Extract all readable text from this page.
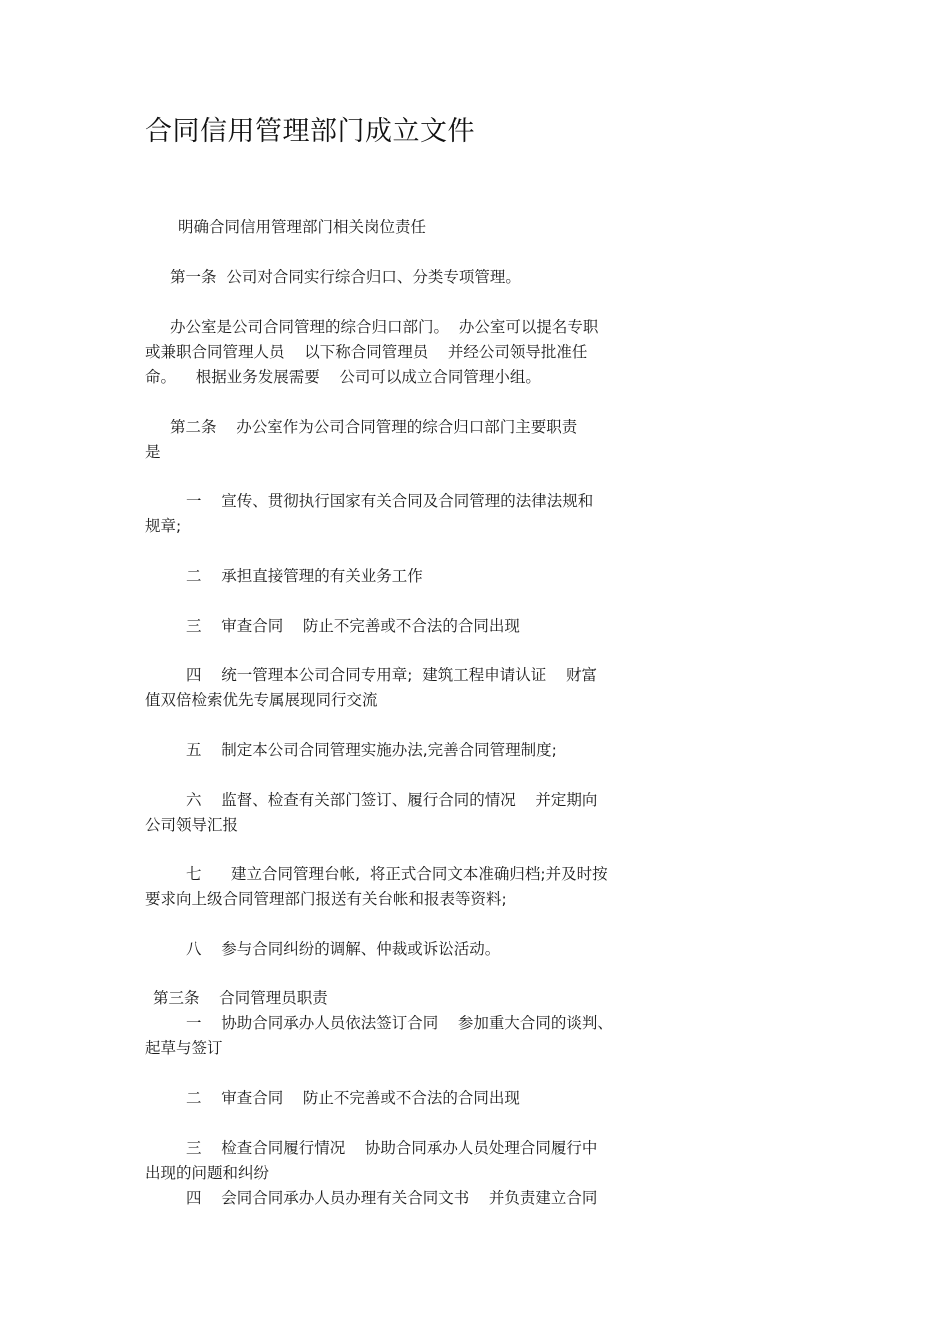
合同信用管理部门成立文件
明确合同信用管理部门相关岗位责任
第一条  公司对合同实行综合归口、分类专项管理。
办公室是公司合同管理的综合归口部门。  办公室可以提名专职
或兼职合同管理人员    以下称合同管理员    并经公司领导批准任
命。    根据业务发展需要    公司可以成立合同管理小组。
第二条    办公室作为公司合同管理的综合归口部门主要职责
是
一    宣传、贯彻执行国家有关合同及合同管理的法律法规和
规章;
二    承担直接管理的有关业务工作
三    审查合同    防止不完善或不合法的合同出现
四    统一管理本公司合同专用章;  建筑工程申请认证    财富
值双倍检索优先专属展现同行交流
五    制定本公司合同管理实施办法,完善合同管理制度;
六    监督、检查有关部门签订、履行合同的情况    并定期向
公司领导汇报
七      建立合同管理台帐,  将正式合同文本准确归档;并及时按
要求向上级合同管理部门报送有关台帐和报表等资料;
八    参与合同纠纷的调解、仲裁或诉讼活动。
第三条    合同管理员职责
一    协助合同承办人员依法签订合同    参加重大合同的谈判、
起草与签订
二    审查合同    防止不完善或不合法的合同出现
三    检查合同履行情况    协助合同承办人员处理合同履行中
出现的问题和纠纷
四    会同合同承办人员办理有关合同文书    并负责建立合同
